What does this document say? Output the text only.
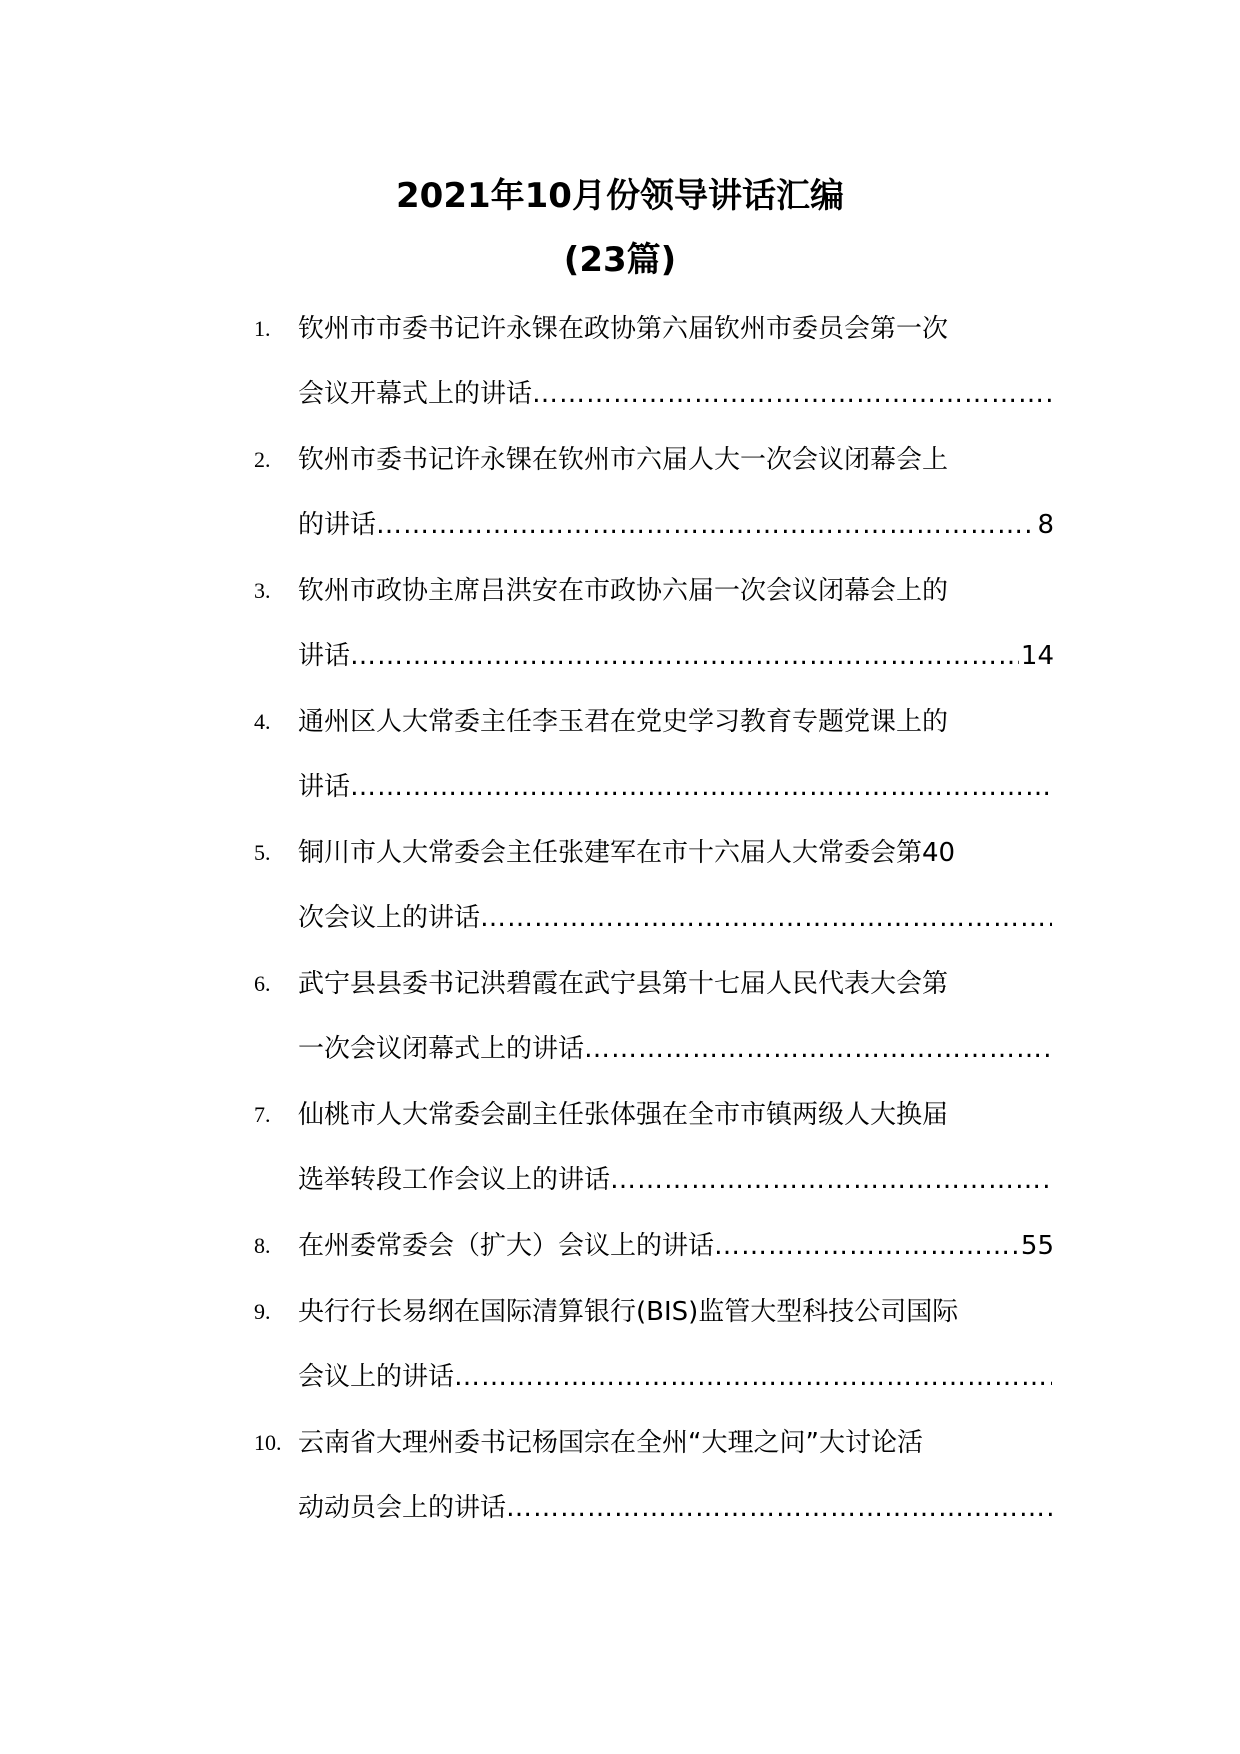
2021年10月份领导讲话汇编
(23篇)
1. 钦州市市委书记许永锞在政协第六届钦州市委员会第一次
会议开幕式上的讲话
……………………………………………………………………………………………………………………………………………………
2. 钦州市委书记许永锞在钦州市六届人大一次会议闭幕会上
的讲话 ……………………………………………………………………………………………………………………………………………………	8
3. 钦州市政协主席吕洪安在市政协六届一次会议闭幕会上的
讲话 ……………………………………………………………………………………………………………………………………………………	14
4. 通州区人大常委主任李玉君在党史学习教育专题党课上的
讲话
……………………………………………………………………………………………………………………………………………………
5. 铜川市人大常委会主任张建军在市十六届人大常委会第40
次会议上的讲话
……………………………………………………………………………………………………………………………………………………
6. 武宁县县委书记洪碧霞在武宁县第十七届人民代表大会第
一次会议闭幕式上的讲话
……………………………………………………………………………………………………………………………………………………
7. 仙桃市人大常委会副主任张体强在全市市镇两级人大换届
选举转段工作会议上的讲话
……………………………………………………………………………………………………………………………………………………
8. 在州委常委会（扩大）会议上的讲话 ……………………………………………………………………………………………………………………………………………………	55
9. 央行行长易纲在国际清算银行(BIS)监管大型科技公司国际
会议上的讲话
……………………………………………………………………………………………………………………………………………………
10. 云南省大理州委书记杨国宗在全州“大理之问”大讨论活
动动员会上的讲话
……………………………………………………………………………………………………………………………………………………
